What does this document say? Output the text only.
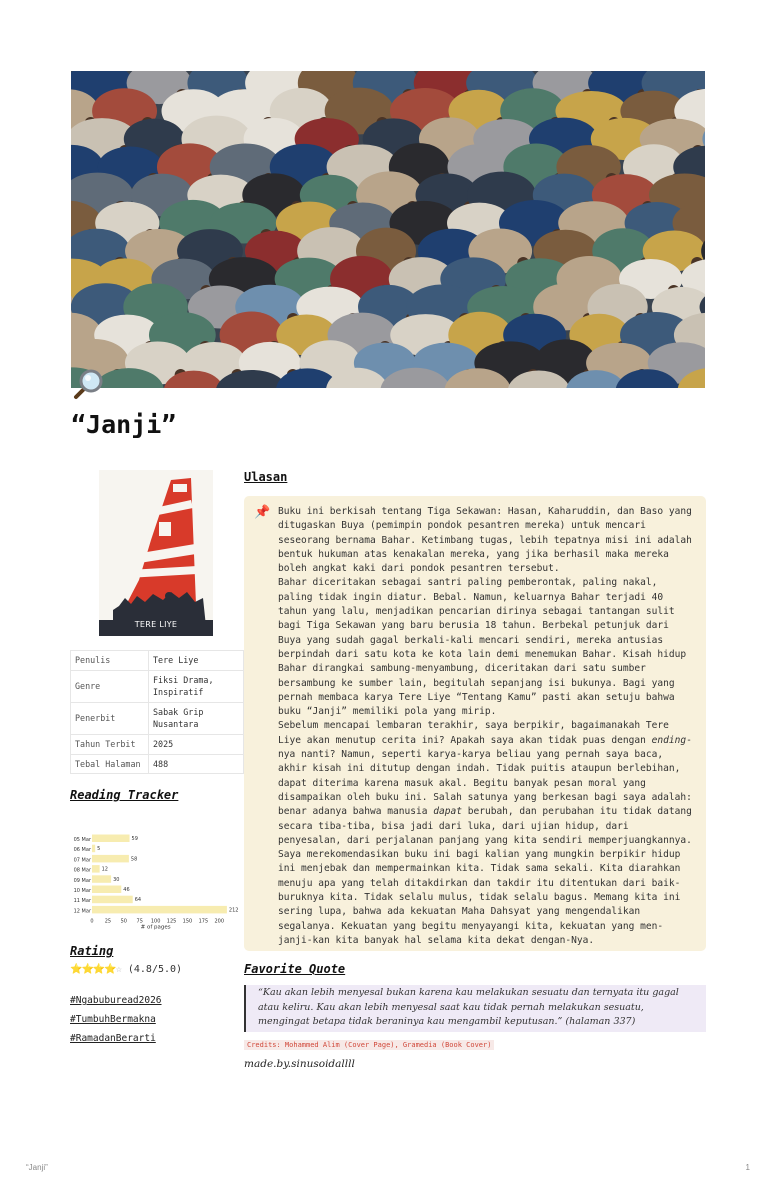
“Janji”
TERE LIYE
Penulis	Tere Liye
Genre	Fiksi Drama, Inspiratif
Penerbit	Sabak Grip Nusantara
Tahun Terbit	2025
Tebal Halaman	488
Reading Tracker
05 Mar	59
06 Mar 5
07 Mar	58
08 Mar 12
09 Mar	30
10 Mar	46
11 Mar	64
12 Mar	212
0 25 50 75 100 125 150 175 200
# of pages
Rating
⭐⭐⭐⭐☆ (4.8/5.0)
#Ngabuburead2026
#TumbuhBermakna
#RamadanBerarti
Ulasan
📌 Buku ini berkisah tentang Tiga Sekawan: Hasan, Kaharuddin, dan Baso yang ditugaskan Buya (pemimpin pondok pesantren mereka) untuk mencari seseorang bernama Bahar. Ketimbang tugas, lebih tepatnya misi ini adalah bentuk hukuman atas kenakalan mereka, yang jika berhasil maka mereka boleh angkat kaki dari pondok pesantren tersebut.

Bahar diceritakan sebagai santri paling pemberontak, paling nakal, paling tidak ingin diatur. Bebal. Namun, keluarnya Bahar terjadi 40 tahun yang lalu, menjadikan pencarian dirinya sebagai tantangan sulit bagi Tiga Sekawan yang baru berusia 18 tahun. Berbekal petunjuk dari Buya yang sudah gagal berkali-kali mencari sendiri, mereka antusias berpindah dari satu kota ke kota lain demi menemukan Bahar. Kisah hidup Bahar dirangkai sambung-menyambung, diceritakan dari satu sumber bersambung ke sumber lain, begitulah sepanjang isi bukunya. Bagi yang pernah membaca karya Tere Liye “Tentang Kamu” pasti akan setuju bahwa buku “Janji” memiliki pola yang mirip.

Sebelum mencapai lembaran terakhir, saya berpikir, bagaimanakah Tere Liye akan menutup cerita ini? Apakah saya akan tidak puas dengan ending-nya nanti? Namun, seperti karya-karya beliau yang pernah saya baca, akhir kisah ini ditutup dengan indah. Tidak puitis ataupun berlebihan, dapat diterima karena masuk akal. Begitu banyak pesan moral yang disampaikan oleh buku ini. Salah satunya yang berkesan bagi saya adalah: benar adanya bahwa manusia dapat berubah, dan perubahan itu tidak datang secara tiba-tiba, bisa jadi dari luka, dari ujian hidup, dari penyesalan, dari perjalanan panjang yang kita sendiri memperjuangkannya.

Saya merekomendasikan buku ini bagi kalian yang mungkin berpikir hidup ini menjebak dan mempermainkan kita. Tidak sama sekali. Kita diarahkan menuju apa yang telah ditakdirkan dan takdir itu ditentukan dari baik-buruknya kita. Tidak selalu mulus, tidak selalu bagus. Memang kita ini sering lupa, bahwa ada kekuatan Maha Dahsyat yang mengendalikan segalanya. Kekuatan yang begitu menyayangi kita, kekuatan yang men-janji-kan kita banyak hal selama kita dekat dengan-Nya.

Favorite Quote
“Kau akan lebih menyesal bukan karena kau melakukan sesuatu dan ternyata itu gagal atau keliru. Kau akan lebih menyesal saat kau tidak pernah melakukan sesuatu, mengingat betapa tidak beraninya kau mengambil keputusan.” (halaman 337)
Credits: Mohammed Alim (Cover Page), Gramedia (Book Cover)
made.by.sinusoidallll
“Janji”	1
